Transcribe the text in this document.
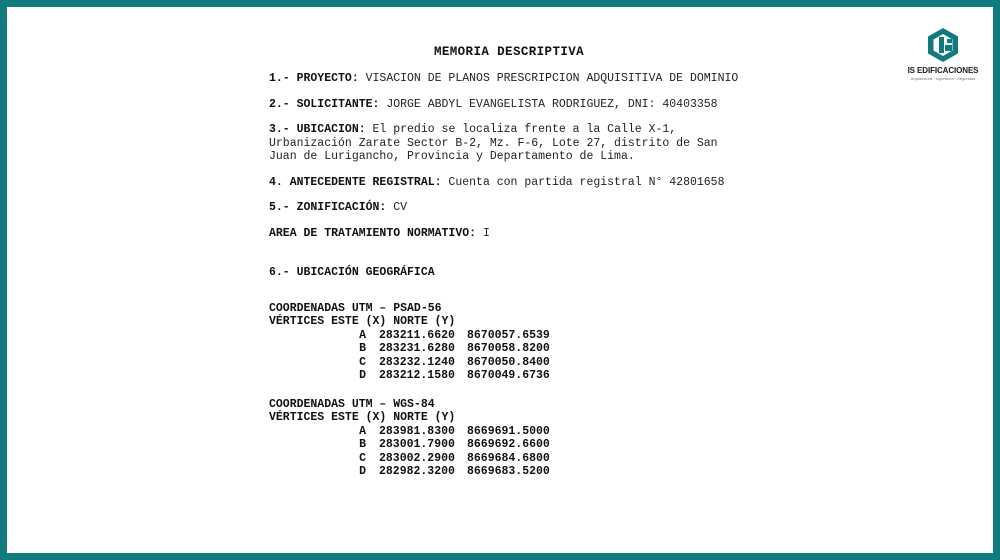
IS EDIFICACIONES
Arquitectura · Ingeniería · Seguridad
MEMORIA DESCRIPTIVA

1.- PROYECTO: VISACION DE PLANOS PRESCRIPCION ADQUISITIVA DE DOMINIO

2.- SOLICITANTE: JORGE ABDYL EVANGELISTA RODRIGUEZ, DNI: 40403358

3.- UBICACION: El predio se localiza frente a la Calle X-1, Urbanización Zarate Sector B-2, Mz. F-6, Lote 27, distrito de San Juan de Lurigancho, Provincia y Departamento de Lima.

4. ANTECEDENTE REGISTRAL: Cuenta con partida registral N° 42801658

5.- ZONIFICACIÓN: CV

AREA DE TRATAMIENTO NORMATIVO: I

6.- UBICACIÓN GEOGRÁFICA

COORDENADAS UTM – PSAD-56

VÉRTICES ESTE (X) NORTE (Y)

A	283211.6620	8670057.6539
B	283231.6280	8670058.8200
C	283232.1240	8670050.8400
D	283212.1580	8670049.6736

COORDENADAS UTM – WGS-84

VÉRTICES ESTE (X) NORTE (Y)

A	283981.8300	8669691.5000
B	283001.7900	8669692.6600
C	283002.2900	8669684.6800
D	282982.3200	8669683.5200
